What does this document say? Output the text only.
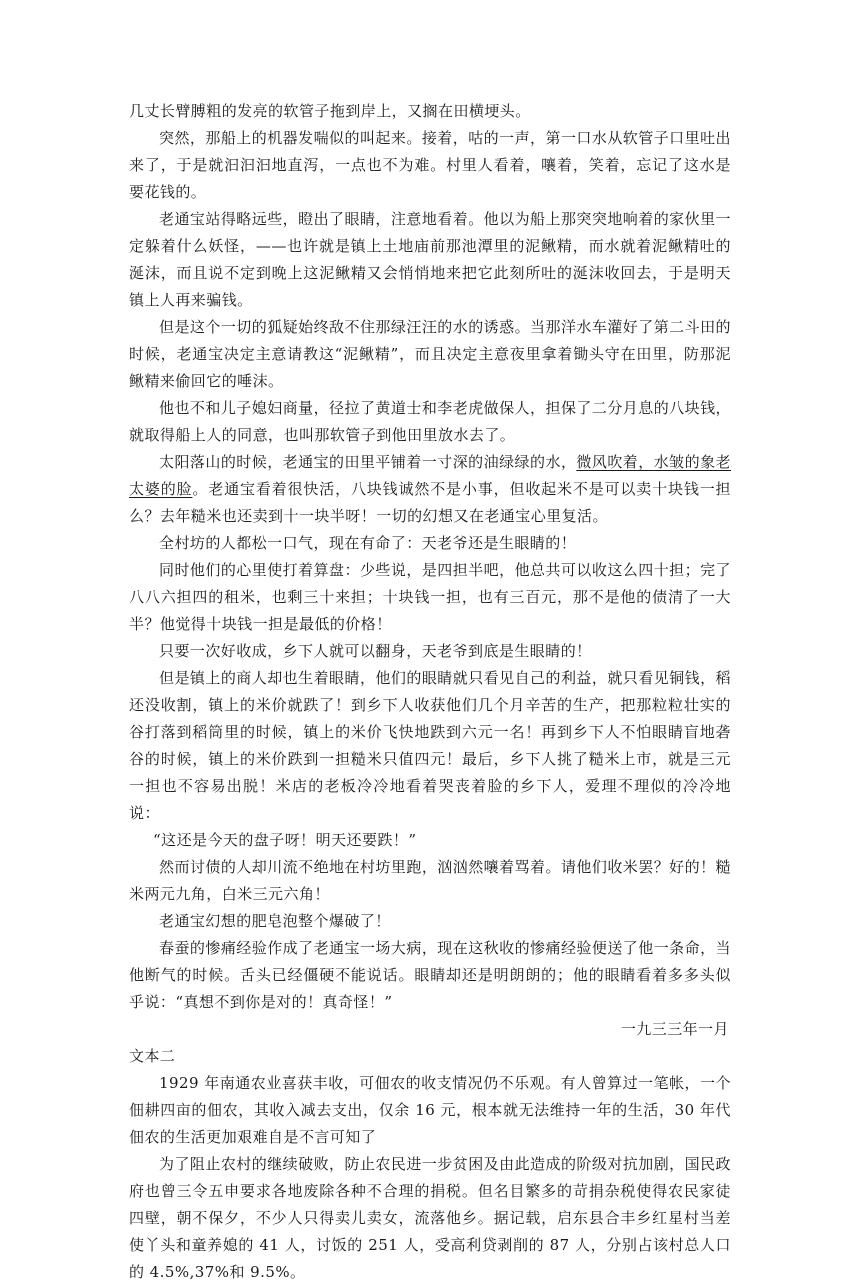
几丈长臂膊粗的发亮的软管子拖到岸上，又搁在田横埂头。

突然，那船上的机器发喘似的叫起来。接着，咕的一声，第一口水从软管子口里吐出来了，于是就汩汩汩地直泻，一点也不为难。村里人看着，嚷着，笑着，忘记了这水是要花钱的。

老通宝站得略远些，瞪出了眼睛，注意地看着。他以为船上那突突地响着的家伙里一定躲着什么妖怪，——也许就是镇上土地庙前那池潭里的泥鳅精，而水就着泥鳅精吐的涎沫，而且说不定到晚上这泥鳅精又会悄悄地来把它此刻所吐的涎沫收回去，于是明天镇上人再来骗钱。

但是这个一切的狐疑始终敌不住那绿汪汪的水的诱惑。当那洋水车灌好了第二斗田的时候，老通宝决定主意请教这“泥鳅精”，而且决定主意夜里拿着锄头守在田里，防那泥鳅精来偷回它的唾沫。

他也不和儿子媳妇商量，径拉了黄道士和李老虎做保人，担保了二分月息的八块钱，就取得船上人的同意，也叫那软管子到他田里放水去了。

太阳落山的时候，老通宝的田里平铺着一寸深的油绿绿的水，微风吹着，水皱的象老太婆的脸。老通宝看着很快活，八块钱诚然不是小事，但收起米不是可以卖十块钱一担么？去年糙米也还卖到十一块半呀！一切的幻想又在老通宝心里复活。

全村坊的人都松一口气，现在有命了：天老爷还是生眼睛的！

同时他们的心里使打着算盘：少些说，是四担半吧，他总共可以收这么四十担；完了八八六担四的租米，也剩三十来担；十块钱一担，也有三百元，那不是他的债清了一大半？他觉得十块钱一担是最低的价格！

只要一次好收成，乡下人就可以翻身，天老爷到底是生眼睛的！

但是镇上的商人却也生着眼睛，他们的眼睛就只看见自己的利益，就只看见铜钱，稻还没收割，镇上的米价就跌了！到乡下人收获他们几个月辛苦的生产，把那粒粒壮实的谷打落到稻筒里的时候，镇上的米价飞快地跌到六元一名！再到乡下人不怕眼睛盲地砻谷的时候，镇上的米价跌到一担糙米只值四元！最后，乡下人挑了糙米上市，就是三元一担也不容易出脱！米店的老板冷冷地看着哭丧着脸的乡下人，爱理不理似的冷冷地说：

“这还是今天的盘子呀！明天还要跌！”

然而讨债的人却川流不绝地在村坊里跑，汹汹然嚷着骂着。请他们收米罢？好的！糙米两元九角，白米三元六角！

老通宝幻想的肥皂泡整个爆破了！

春蚕的惨痛经验作成了老通宝一场大病，现在这秋收的惨痛经验便送了他一条命，当他断气的时候。舌头已经僵硬不能说话。眼睛却还是明朗朗的；他的眼睛看着多多头似乎说：“真想不到你是对的！真奇怪！”

一九三三年一月

文本二

1929 年南通农业喜获丰收，可佃农的收支情况仍不乐观。有人曾算过一笔帐，一个佃耕四亩的佃农，其收入减去支出，仅余 16 元，根本就无法维持一年的生活，30 年代佃农的生活更加艰难自是不言可知了

为了阻止农村的继续破败，防止农民进一步贫困及由此造成的阶级对抗加剧，国民政府也曾三令五申要求各地废除各种不合理的捐税。但名目繁多的苛捐杂税使得农民家徒四壁，朝不保夕，不少人只得卖儿卖女，流落他乡。据记载，启东县合丰乡红星村当差使丫头和童养媳的 41 人，讨饭的 251 人，受高利贷剥削的 87 人，分别占该村总人口的 4.5%,37%和 9.5%。
